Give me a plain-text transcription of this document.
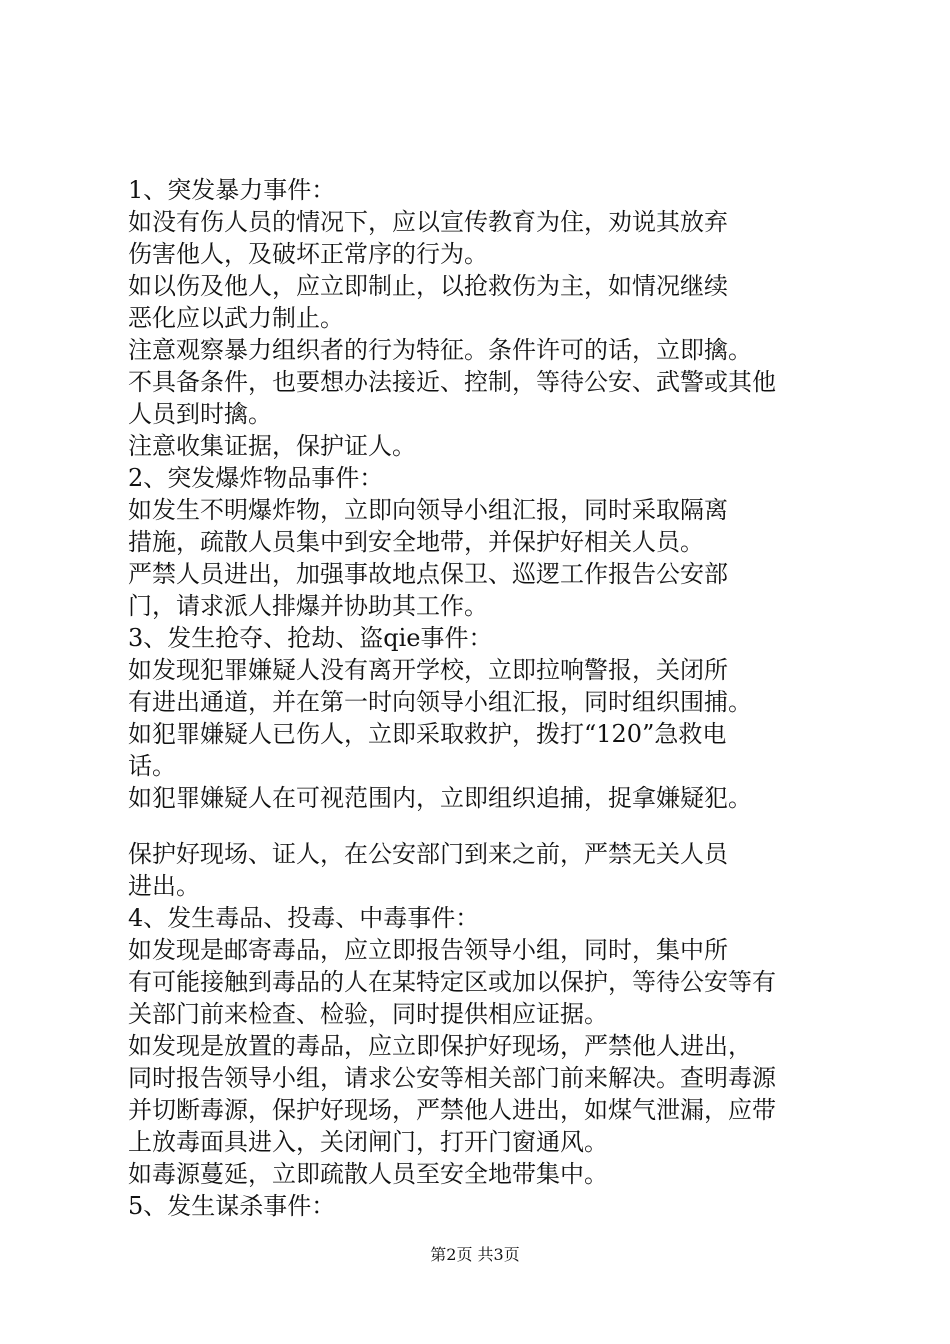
1、突发暴力事件：
如没有伤人员的情况下，应以宣传教育为住，劝说其放弃
伤害他人，及破坏正常序的行为。
如以伤及他人，应立即制止，以抢救伤为主，如情况继续
恶化应以武力制止。
注意观察暴力组织者的行为特征。条件许可的话，立即擒。
不具备条件，也要想办法接近、控制，等待公安、武警或其他
人员到时擒。
注意收集证据，保护证人。
2、突发爆炸物品事件：
如发生不明爆炸物，立即向领导小组汇报，同时采取隔离
措施，疏散人员集中到安全地带，并保护好相关人员。
严禁人员进出，加强事故地点保卫、巡逻工作报告公安部
门，请求派人排爆并协助其工作。
3、发生抢夺、抢劫、盗qie事件：
如发现犯罪嫌疑人没有离开学校，立即拉响警报，关闭所
有进出通道，并在第一时向领导小组汇报，同时组织围捕。
如犯罪嫌疑人已伤人，立即采取救护，拨打“120”急救电
话。
如犯罪嫌疑人在可视范围内，立即组织追捕，捉拿嫌疑犯。
保护好现场、证人，在公安部门到来之前，严禁无关人员
进出。
4、发生毒品、投毒、中毒事件：
如发现是邮寄毒品，应立即报告领导小组，同时，集中所
有可能接触到毒品的人在某特定区或加以保护，等待公安等有
关部门前来检查、检验，同时提供相应证据。
如发现是放置的毒品，应立即保护好现场，严禁他人进出，
同时报告领导小组，请求公安等相关部门前来解决。查明毒源
并切断毒源，保护好现场，严禁他人进出，如煤气泄漏，应带
上放毒面具进入，关闭闸门，打开门窗通风。
如毒源蔓延，立即疏散人员至安全地带集中。
5、发生谋杀事件：
第2页 共3页
